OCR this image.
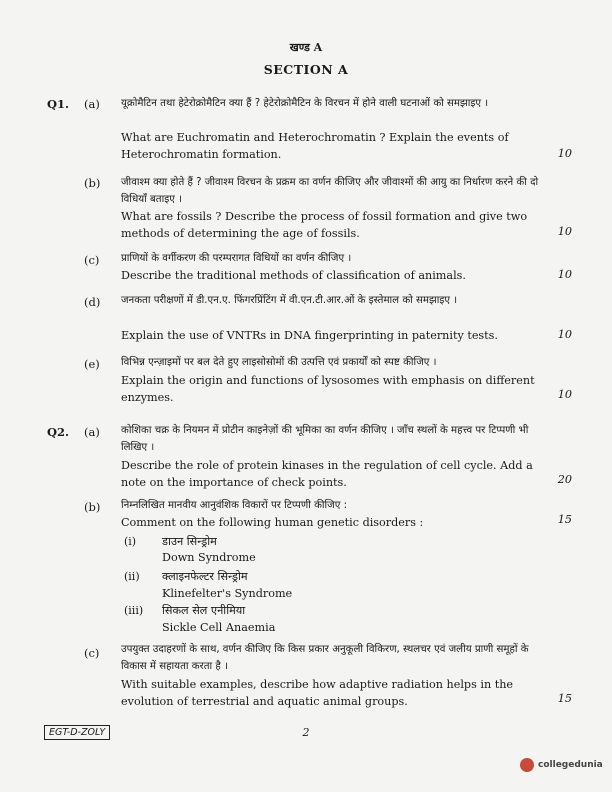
खण्ड A
SECTION A
Q1. (a) यूक्रोमैटिन तथा हेटेरोक्रोमैटिन क्या हैं ? हेटेरोक्रोमैटिन के विरचन में होने वाली घटनाओं को समझाइए ।
What are Euchromatin and Heterochromatin ? Explain the events of Heterochromatin formation.	10
(b) जीवाश्म क्या होते हैं ? जीवाश्म विरचन के प्रक्रम का वर्णन कीजिए और जीवाश्मों की आयु का निर्धारण करने की दो विधियाँ बताइए ।
What are fossils ? Describe the process of fossil formation and give two methods of determining the age of fossils.	10
(c) प्राणियों के वर्गीकरण की परम्परागत विधियों का वर्णन कीजिए ।
Describe the traditional methods of classification of animals.	10
(d) जनकता परीक्षणों में डी.एन.ए. फिंगरप्रिंटिंग में वी.एन.टी.आर.ओं के इस्तेमाल को समझाइए ।
Explain the use of VNTRs in DNA fingerprinting in paternity tests.	10
(e) विभिन्न एन्ज़ाइमों पर बल देते हुए लाइसोसोमों की उत्पत्ति एवं प्रकार्यों को स्पष्ट कीजिए ।
Explain the origin and functions of lysosomes with emphasis on different enzymes.	10
Q2. (a) कोशिका चक्र के नियमन में प्रोटीन काइनेज़ों की भूमिका का वर्णन कीजिए । जाँच स्थलों के महत्त्व पर टिप्पणी भी लिखिए ।
Describe the role of protein kinases in the regulation of cell cycle. Add a note on the importance of check points.	20
(b) निम्नलिखित मानवीय आनुवंशिक विकारों पर टिप्पणी कीजिए :
Comment on the following human genetic disorders :	15
(i) डाउन सिन्ड्रोम
Down Syndrome
(ii) क्लाइनफेल्टर सिन्ड्रोम
Klinefelter's Syndrome
(iii) सिकल सेल एनीमिया
Sickle Cell Anaemia
(c) उपयुक्त उदाहरणों के साथ, वर्णन कीजिए कि किस प्रकार अनुकूली विकिरण, स्थलचर एवं जलीय प्राणी समूहों के विकास में सहायता करता है ।
With suitable examples, describe how adaptive radiation helps in the evolution of terrestrial and aquatic animal groups.	15
EGT-D-ZOLY	2
collegedunia
